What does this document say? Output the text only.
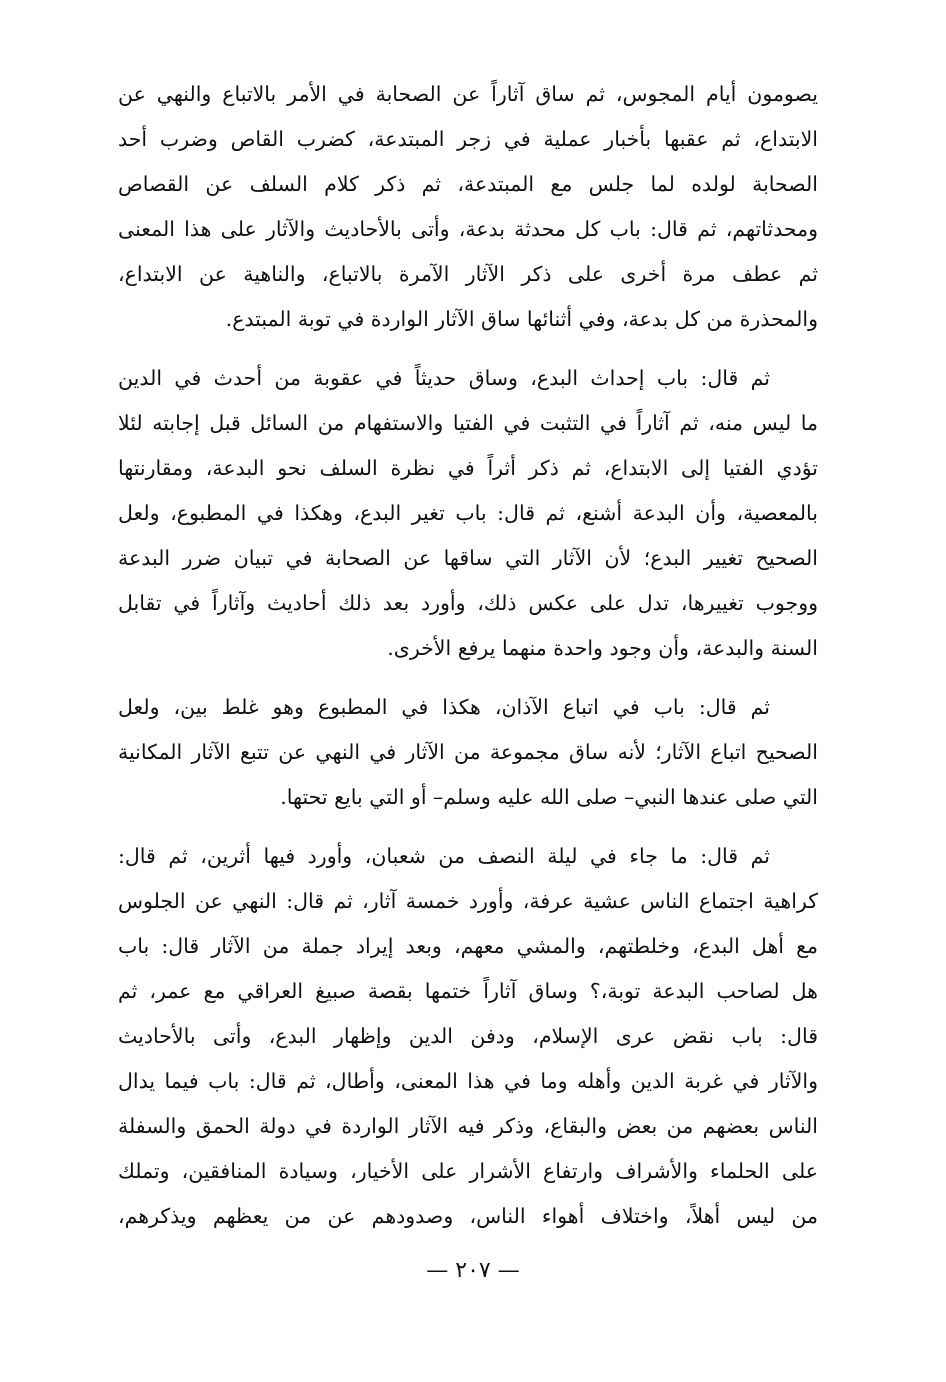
يصومون أيام المجوس، ثم ساق آثاراً عن الصحابة في الأمر بالاتباع والنهي عن
الابتداع، ثم عقبها بأخبار عملية في زجر المبتدعة، كضرب القاص وضرب أحد
الصحابة لولده لما جلس مع المبتدعة، ثم ذكر كلام السلف عن القصاص
ومحدثاتهم، ثم قال: باب كل محدثة بدعة، وأتى بالأحاديث والآثار على هذا المعنى
ثم عطف مرة أخرى على ذكر الآثار الآمرة بالاتباع، والناهية عن الابتداع،
والمحذرة من كل بدعة، وفي أثنائها ساق الآثار الواردة في توبة المبتدع.
ثم قال: باب إحداث البدع، وساق حديثاً في عقوبة من أحدث في الدين
ما ليس منه، ثم آثاراً في التثبت في الفتيا والاستفهام من السائل قبل إجابته لئلا
تؤدي الفتيا إلى الابتداع، ثم ذكر أثراً في نظرة السلف نحو البدعة، ومقارنتها
بالمعصية، وأن البدعة أشنع، ثم قال: باب تغير البدع، وهكذا في المطبوع، ولعل
الصحيح تغيير البدع؛ لأن الآثار التي ساقها عن الصحابة في تبيان ضرر البدعة
ووجوب تغييرها، تدل على عكس ذلك، وأورد بعد ذلك أحاديث وآثاراً في تقابل
السنة والبدعة، وأن وجود واحدة منهما يرفع الأخرى.
ثم قال: باب في اتباع الآذان، هكذا في المطبوع وهو غلط بين، ولعل
الصحيح اتباع الآثار؛ لأنه ساق مجموعة من الآثار في النهي عن تتبع الآثار المكانية
التي صلى عندها النبي– صلى الله عليه وسلم– أو التي بايع تحتها.
ثم قال: ما جاء في ليلة النصف من شعبان، وأورد فيها أثرين، ثم قال:
كراهية اجتماع الناس عشية عرفة، وأورد خمسة آثار، ثم قال: النهي عن الجلوس
مع أهل البدع، وخلطتهم، والمشي معهم، وبعد إيراد جملة من الآثار قال: باب
هل لصاحب البدعة توبة،؟ وساق آثاراً ختمها بقصة صبيغ العراقي مع عمر، ثم
قال: باب نقض عرى الإسلام، ودفن الدين وإظهار البدع، وأتى بالأحاديث
والآثار في غربة الدين وأهله وما في هذا المعنى، وأطال، ثم قال: باب فيما يدال
الناس بعضهم من بعض والبقاع، وذكر فيه الآثار الواردة في دولة الحمق والسفلة
على الحلماء والأشراف وارتفاع الأشرار على الأخيار، وسيادة المنافقين، وتملك
من ليس أهلاً، واختلاف أهواء الناس، وصدودهم عن من يعظهم ويذكرهم،
— ٢٠٧ —
